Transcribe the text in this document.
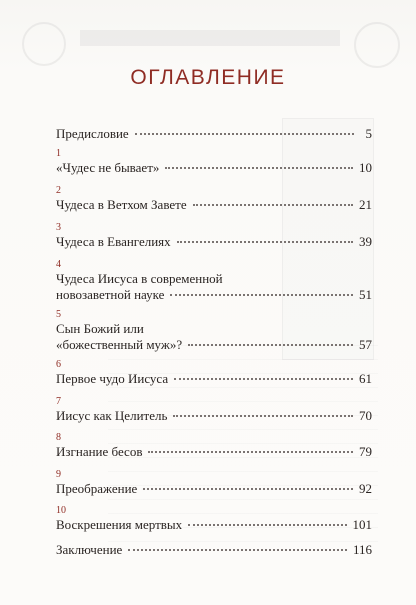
ОГЛАВЛЕНИЕ
Предисловие	5
1
«Чудес не бывает»	10
2
Чудеса в Ветхом Завете	21
3
Чудеса в Евангелиях	39
4
Чудеса Иисуса в современной
новозаветной науке	51
5
Сын Божий или
«божественный муж»?	57
6
Первое чудо Иисуса	61
7
Иисус как Целитель	70
8
Изгнание бесов	79
9
Преображение	92
10
Воскрешения мертвых	101
Заключение	116
